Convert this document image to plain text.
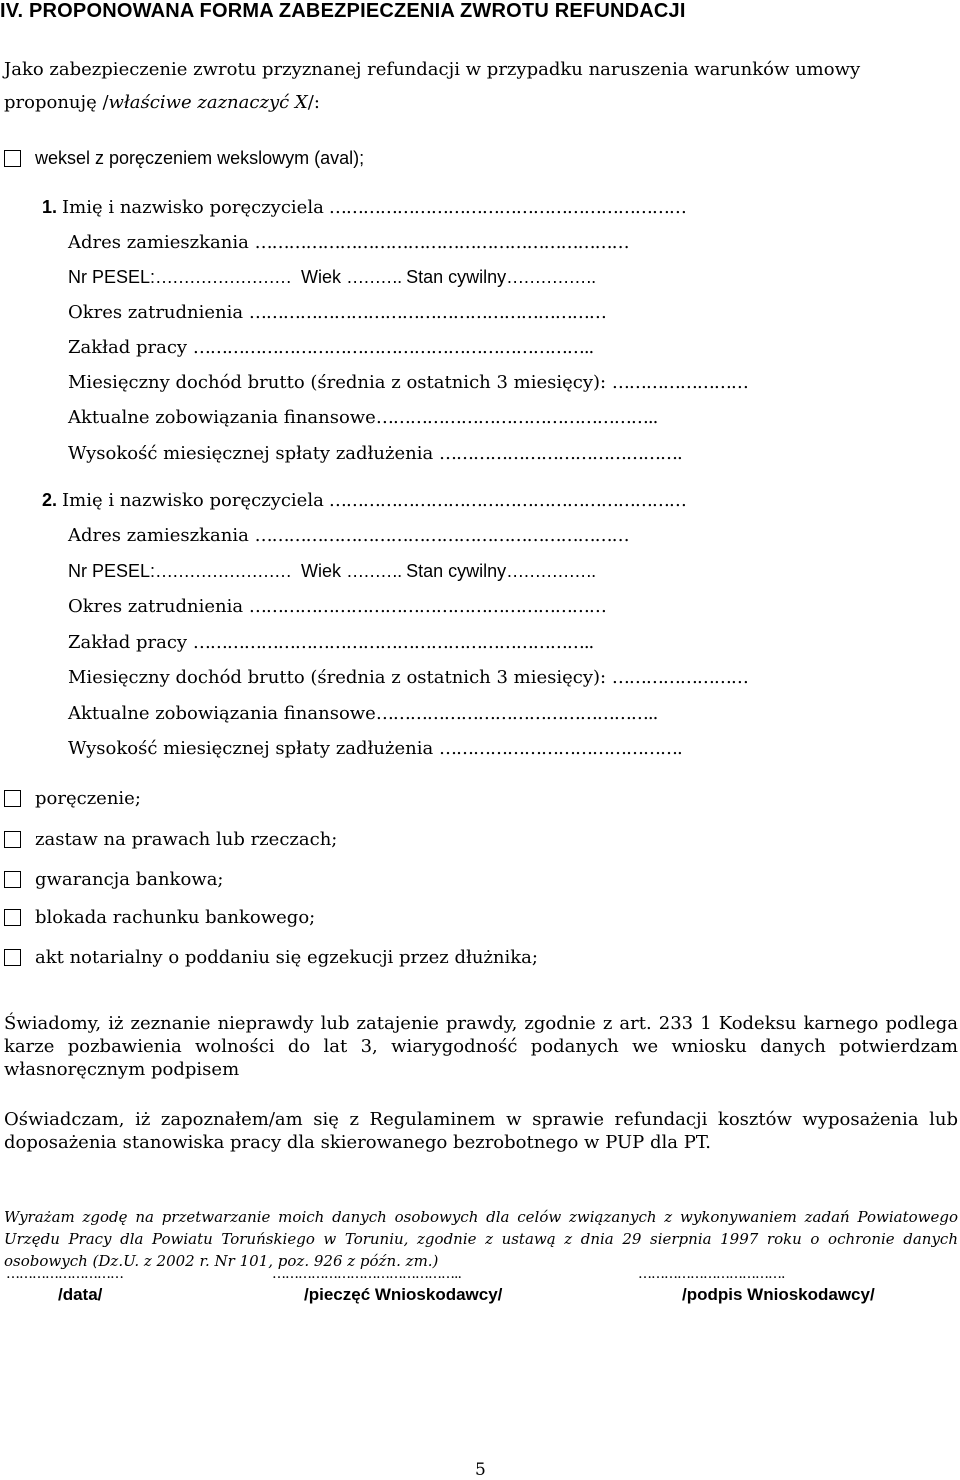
IV. PROPONOWANA FORMA ZABEZPIECZENIA ZWROTU REFUNDACJI
Jako zabezpieczenie zwrotu przyznanej refundacji w przypadku naruszenia warunków umowy
proponuję /właściwe zaznaczyć X/:
weksel z poręczeniem wekslowym (aval);
1. Imię i nazwisko poręczyciela ………………………………………………………
Adres zamieszkania …………………………………………………………
Nr PESEL:…………………… Wiek ………. Stan cywilny…………….
Okres zatrudnienia ………………………………………………………
Zakład pracy ……………………………………………………………..
Miesięczny dochód brutto (średnia z ostatnich 3 miesięcy): ……………………
Aktualne zobowiązania finansowe…………………………………………..
Wysokość miesięcznej spłaty zadłużenia …………………………………….
2. Imię i nazwisko poręczyciela ………………………………………………………
Adres zamieszkania …………………………………………………………
Nr PESEL:…………………… Wiek ………. Stan cywilny…………….
Okres zatrudnienia ………………………………………………………
Zakład pracy ……………………………………………………………..
Miesięczny dochód brutto (średnia z ostatnich 3 miesięcy): ……………………
Aktualne zobowiązania finansowe…………………………………………..
Wysokość miesięcznej spłaty zadłużenia …………………………………….
poręczenie;
zastaw na prawach lub rzeczach;
gwarancja bankowa;
blokada rachunku bankowego;
akt notarialny o poddaniu się egzekucji przez dłużnika;
Świadomy, iż zeznanie nieprawdy lub zatajenie prawdy, zgodnie z art. 233 1 Kodeksu karnego podlega karze pozbawienia wolności do lat 3, wiarygodność podanych we wniosku danych potwierdzam własnoręcznym podpisem
Oświadczam, iż zapoznałem/am się z Regulaminem w sprawie refundacji kosztów wyposażenia lub doposażenia stanowiska pracy dla skierowanego bezrobotnego w PUP dla PT.
Wyrażam zgodę na przetwarzanie moich danych osobowych dla celów związanych z wykonywaniem zadań Powiatowego Urzędu Pracy dla Powiatu Toruńskiego w Toruniu, zgodnie z ustawą z dnia 29 sierpnia 1997 roku o ochronie danych osobowych (Dz.U. z 2002 r. Nr 101, poz. 926 z późn. zm.)
………………………
/data/
……………………………………..
/pieczęć Wnioskodawcy/
…………………………….
/podpis Wnioskodawcy/
5
